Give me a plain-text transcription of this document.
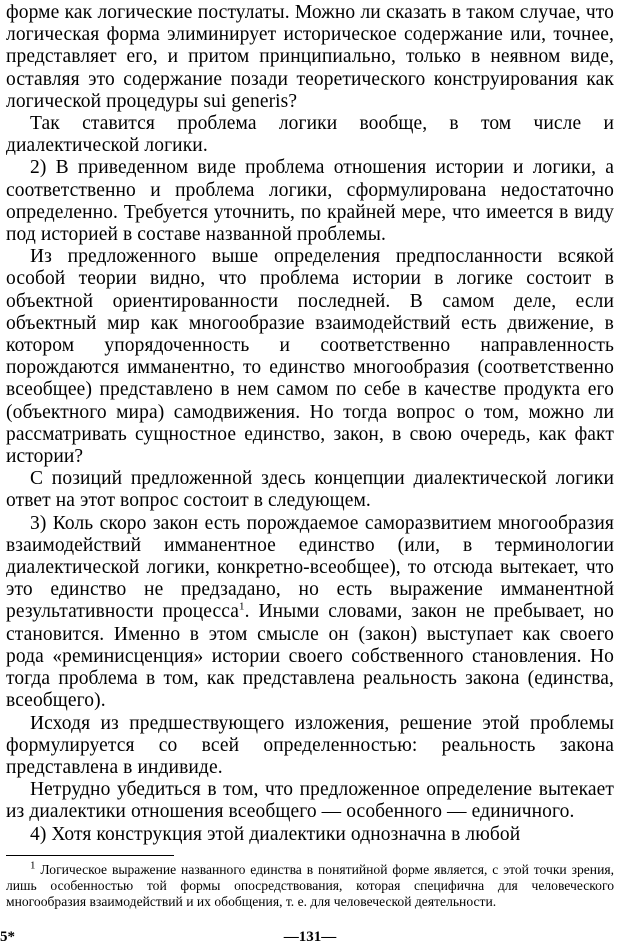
форме как логические постулаты. Можно ли сказать в таком случае, что логическая форма элиминирует историческое содержание или, точнее, представляет его, и притом принципиально, только в неявном виде, оставляя это содержание позади теоретического конструирования как логической процедуры sui generis?

Так ставится проблема логики вообще, в том числе и диалектической логики.

2) В приведенном виде проблема отношения истории и логики, а соответственно и проблема логики, сформулирована недостаточно определенно. Требуется уточнить, по крайней мере, что имеется в виду под историей в составе названной проблемы.

Из предложенного выше определения предпосланности всякой особой теории видно, что проблема истории в логике состоит в объектной ориентированности последней. В самом деле, если объектный мир как многообразие взаимодействий есть движение, в котором упорядоченность и соответственно направленность порождаются имманентно, то единство многообразия (соответственно всеобщее) представлено в нем самом по себе в качестве продукта его (объектного мира) самодвижения. Но тогда вопрос о том, можно ли рассматривать сущностное единство, закон, в свою очередь, как факт истории?

С позиций предложенной здесь концепции диалектической логики ответ на этот вопрос состоит в следующем.

3) Коль скоро закон есть порождаемое саморазвитием многообразия взаимодействий имманентное единство (или, в терминологии диалектической логики, конкретно-всеобщее), то отсюда вытекает, что это единство не предзадано, но есть выражение имманентной результативности процесса$^1$. Иными словами, закон не пребывает, но становится. Именно в этом смысле он (закон) выступает как своего рода «реминисценция» истории своего собственного становления. Но тогда проблема в том, как представлена реальность закона (единства, всеобщего).

Исходя из предшествующего изложения, решение этой проблемы формулируется со всей определенностью: реальность закона представлена в индивиде.

Нетрудно убедиться в том, что предложенное определение вытекает из диалектики отношения всеобщего — особенного — единичного.

4) Хотя конструкция этой диалектики однозначна в любой

$^1$ Логическое выражение названного единства в понятийной форме является, с этой точки зрения, лишь особенностью той формы опосредствования, которая специфична для человеческого многообразия взаимодействий и их обобщения, т. е. для человеческой деятельности.

5*	—131—
